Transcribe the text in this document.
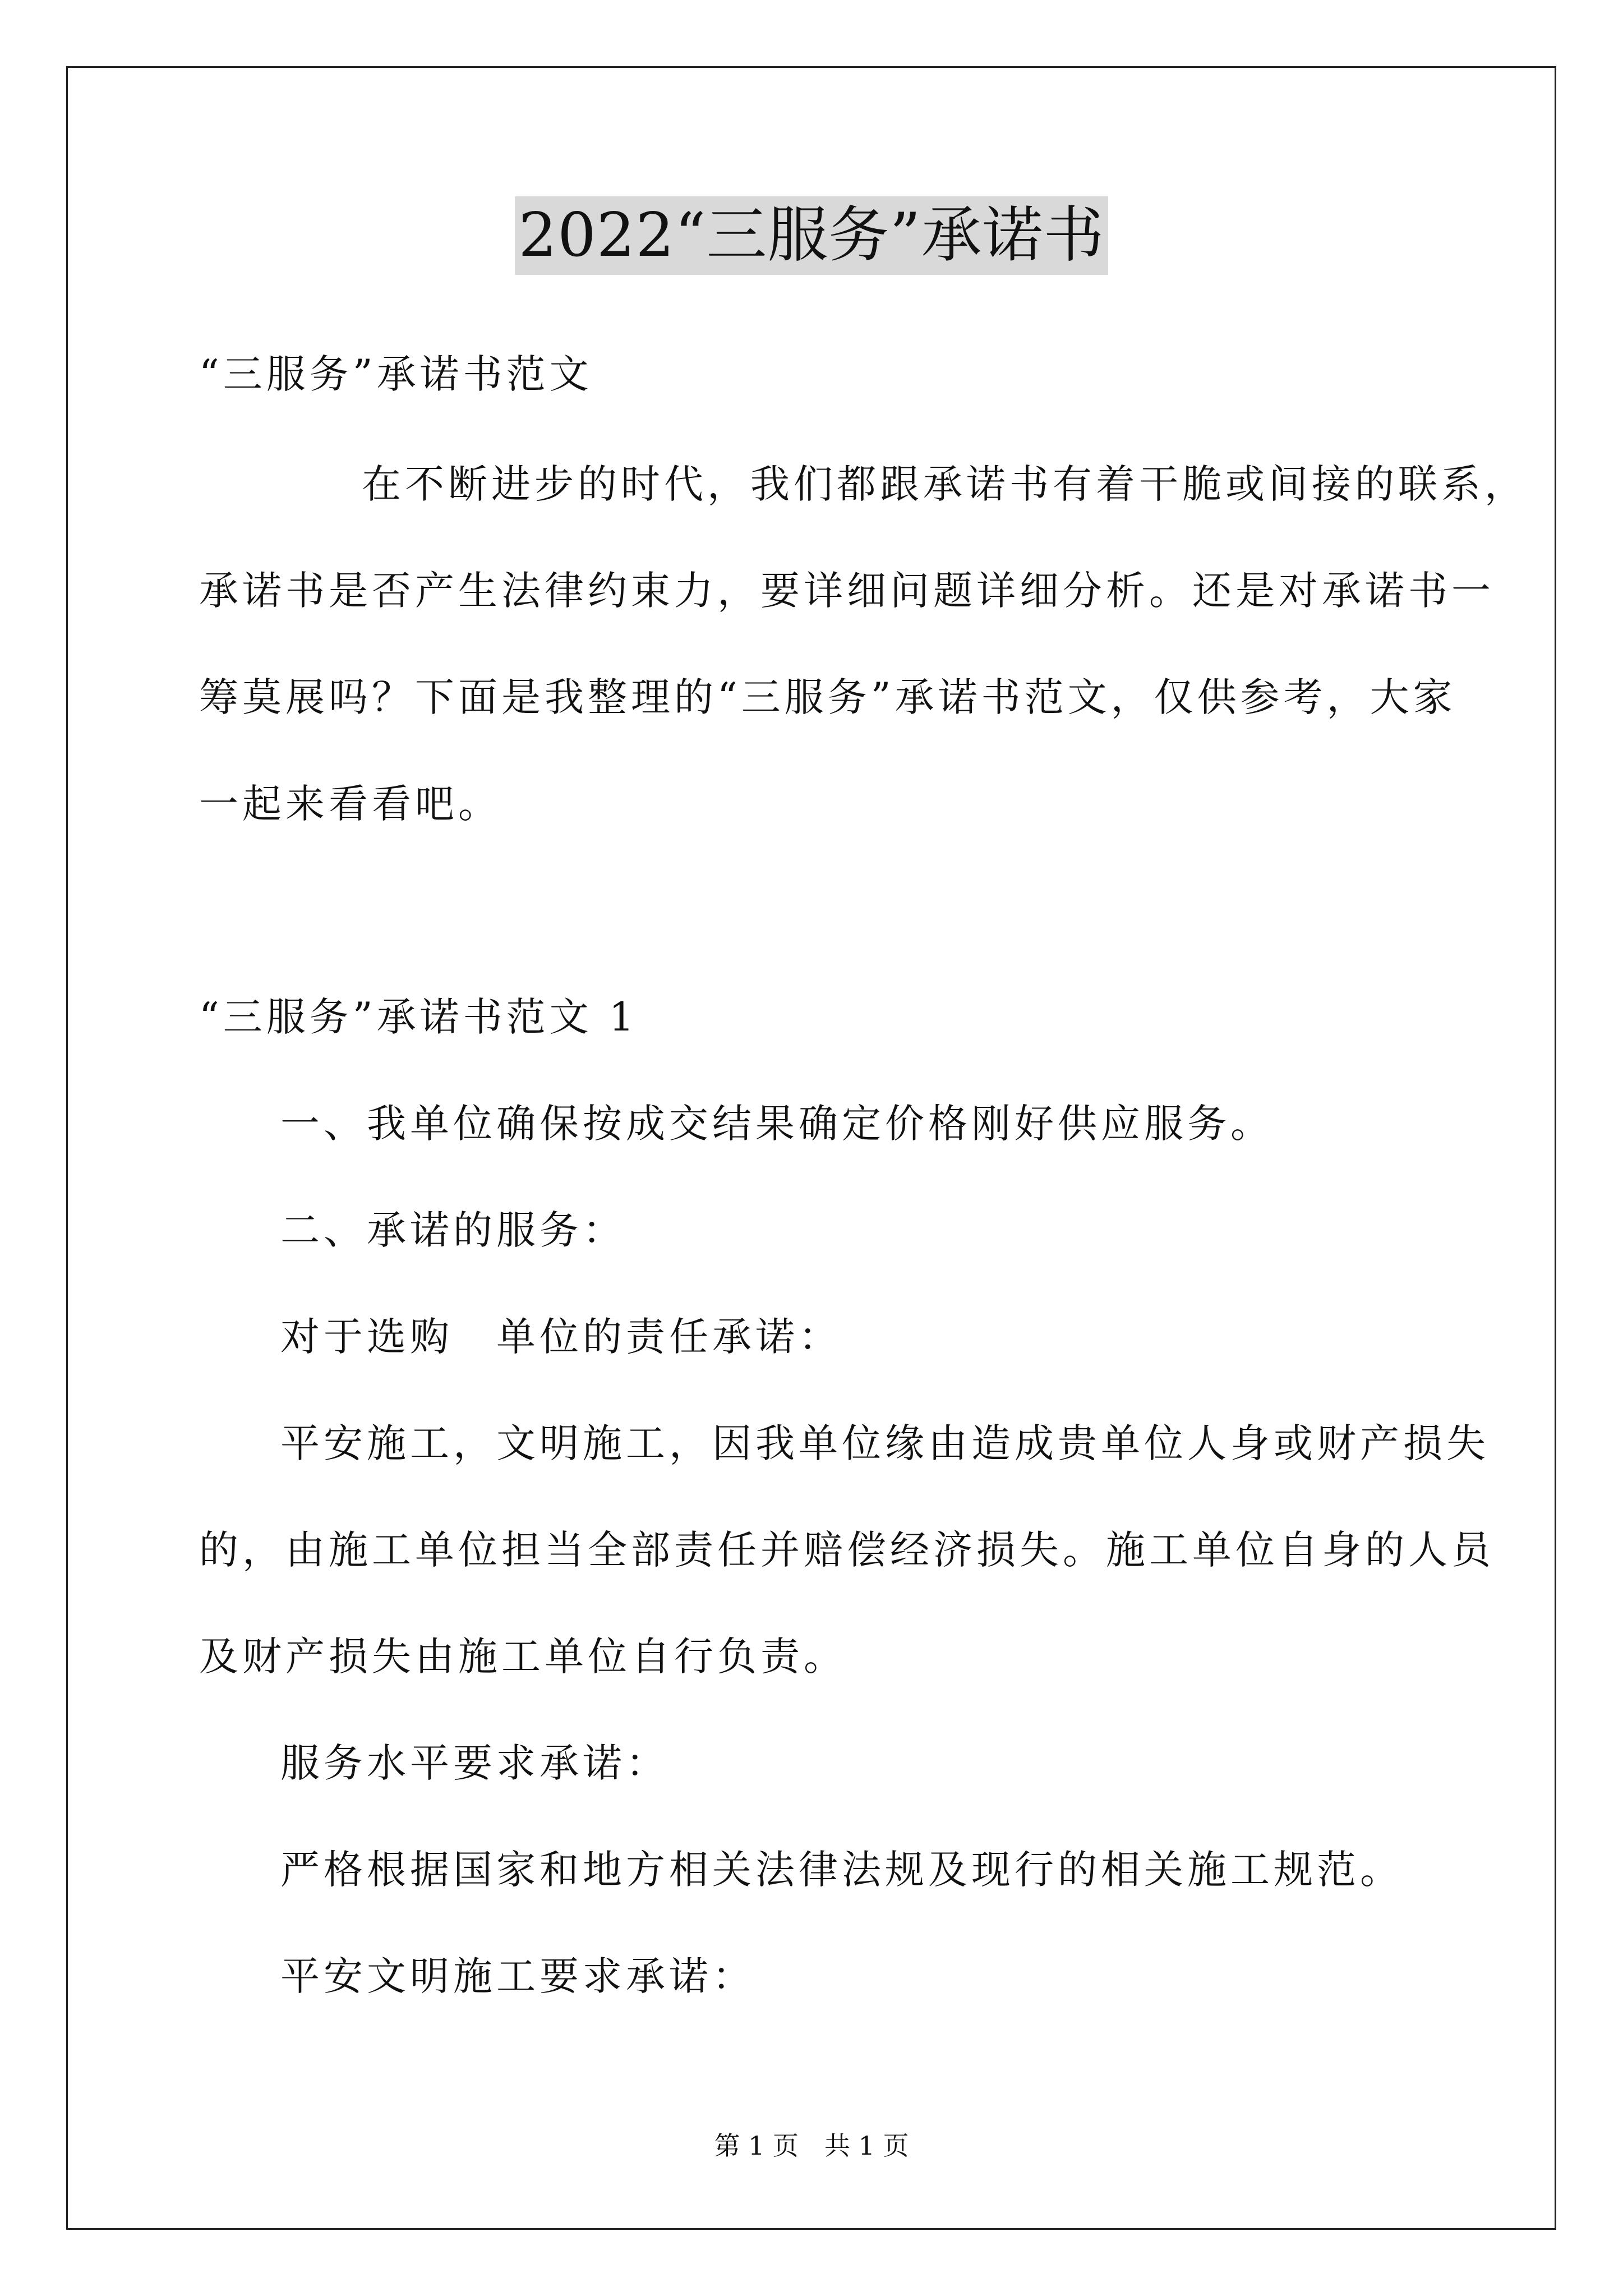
2022“三服务”承诺书
“三服务”承诺书范文
在不断进步的时代，我们都跟承诺书有着干脆或间接的联系，
承诺书是否产生法律约束力，要详细问题详细分析。还是对承诺书一
筹莫展吗？下面是我整理的“三服务”承诺书范文，仅供参考，大家
一起来看看吧。
“三服务”承诺书范文 1
一、我单位确保按成交结果确定价格刚好供应服务。
二、承诺的服务：
对于选购　单位的责任承诺：
平安施工，文明施工，因我单位缘由造成贵单位人身或财产损失
的，由施工单位担当全部责任并赔偿经济损失。施工单位自身的人员
及财产损失由施工单位自行负责。
服务水平要求承诺：
严格根据国家和地方相关法律法规及现行的相关施工规范。
平安文明施工要求承诺：
第 1 页　共 1 页
